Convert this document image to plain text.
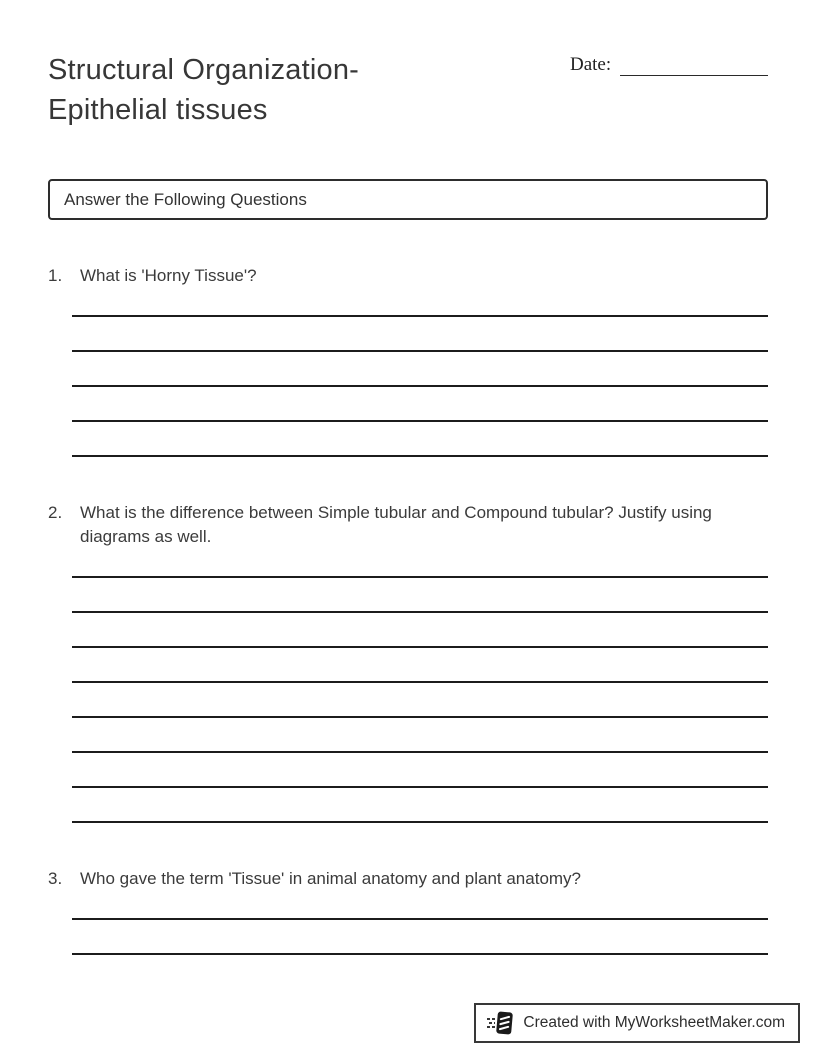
Structural Organization-
Epithelial tissues
Date:
Answer the Following Questions
1.	What is 'Horny Tissue'?
2.	What is the difference between Simple tubular and Compound tubular? Justify using diagrams as well.
3.	Who gave the term 'Tissue' in animal anatomy and plant anatomy?
Created with MyWorksheetMaker.com
